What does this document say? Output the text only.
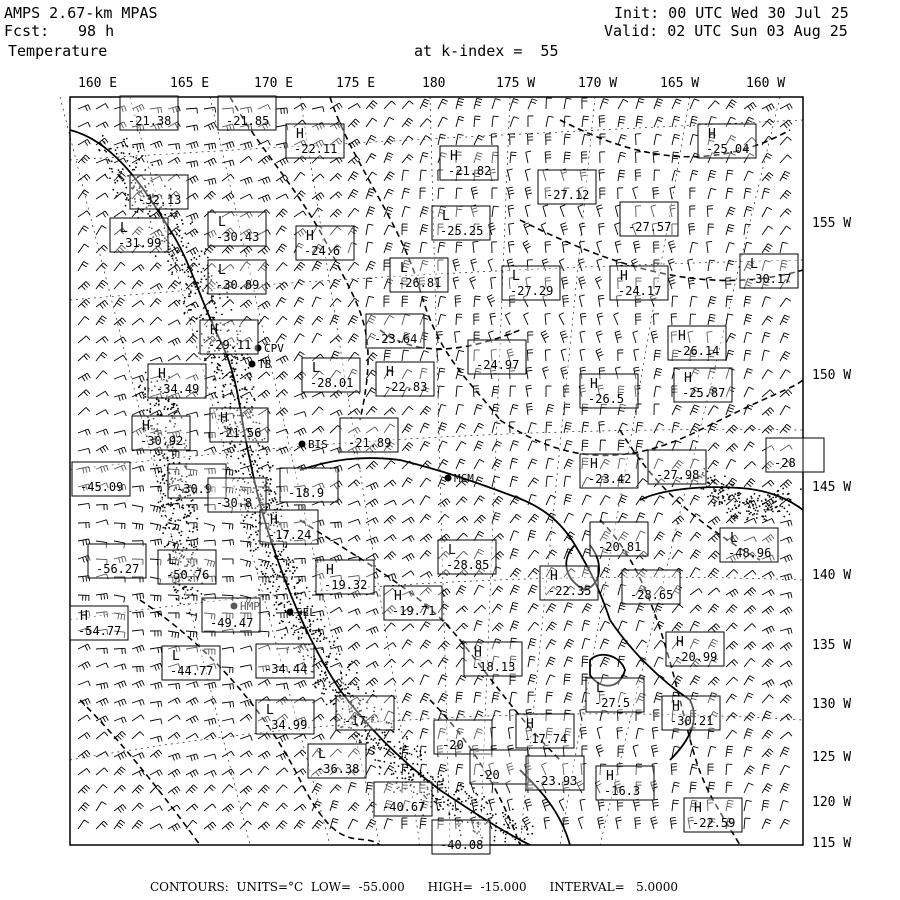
AMPS 2.67-km MPAS
Fcst: 98 h
Temperature	at k-index =  55
Init: 00 UTC Wed 30 Jul 25
Valid: 02 UTC Sun 03 Aug 25
160 E	165 E	170 E	175 E	180	175 W	170 W	165 W	160 W
155 W
150 W
145 W
140 W
135 W
130 W
125 W
120 W
115 W
CPV
TB
BIS
MCM
SEL
HMP
-21.38	-21.85
H
-22.11	H
-21.82
H
-25.04
-32.13	-27.12
L
-31.99
L
-30.43	H
-24.6
L
-25.25	-27.57
L
-26.81	L
-27.29
H
-24.17
L
-30.17
L
-30.89
-23.64
H
-29.11
H
-26.14
-24.97
L
-28.01
H
-22.83
H
-34.49
H
-25.87
H
-26.5
H
-21.56
H
-30.92	-21.89
-28
H
-23.42 -27.98
-45.09	-30.9
-30.8
-18.9
H
-17.24
-20.81
L
-48.96
-56.27
L
-50.76
L
-28.85
H
-19.32
H
-22.35	-28.65
H
-19.71
H
-54.77
-49.47
H
-18.13
H
-20.99
L
-44.77	-34.44
L
-27.5
L
-34.99	-17
H
-30.21
-20
H
-17.74
-20
L
-36.38
-23.93 H
-16.3
-40.67	H
-22.59
-40.08
CONTOURS:  UNITS=°C  LOW=  -55.000      HIGH=  -15.000      INTERVAL=   5.0000
